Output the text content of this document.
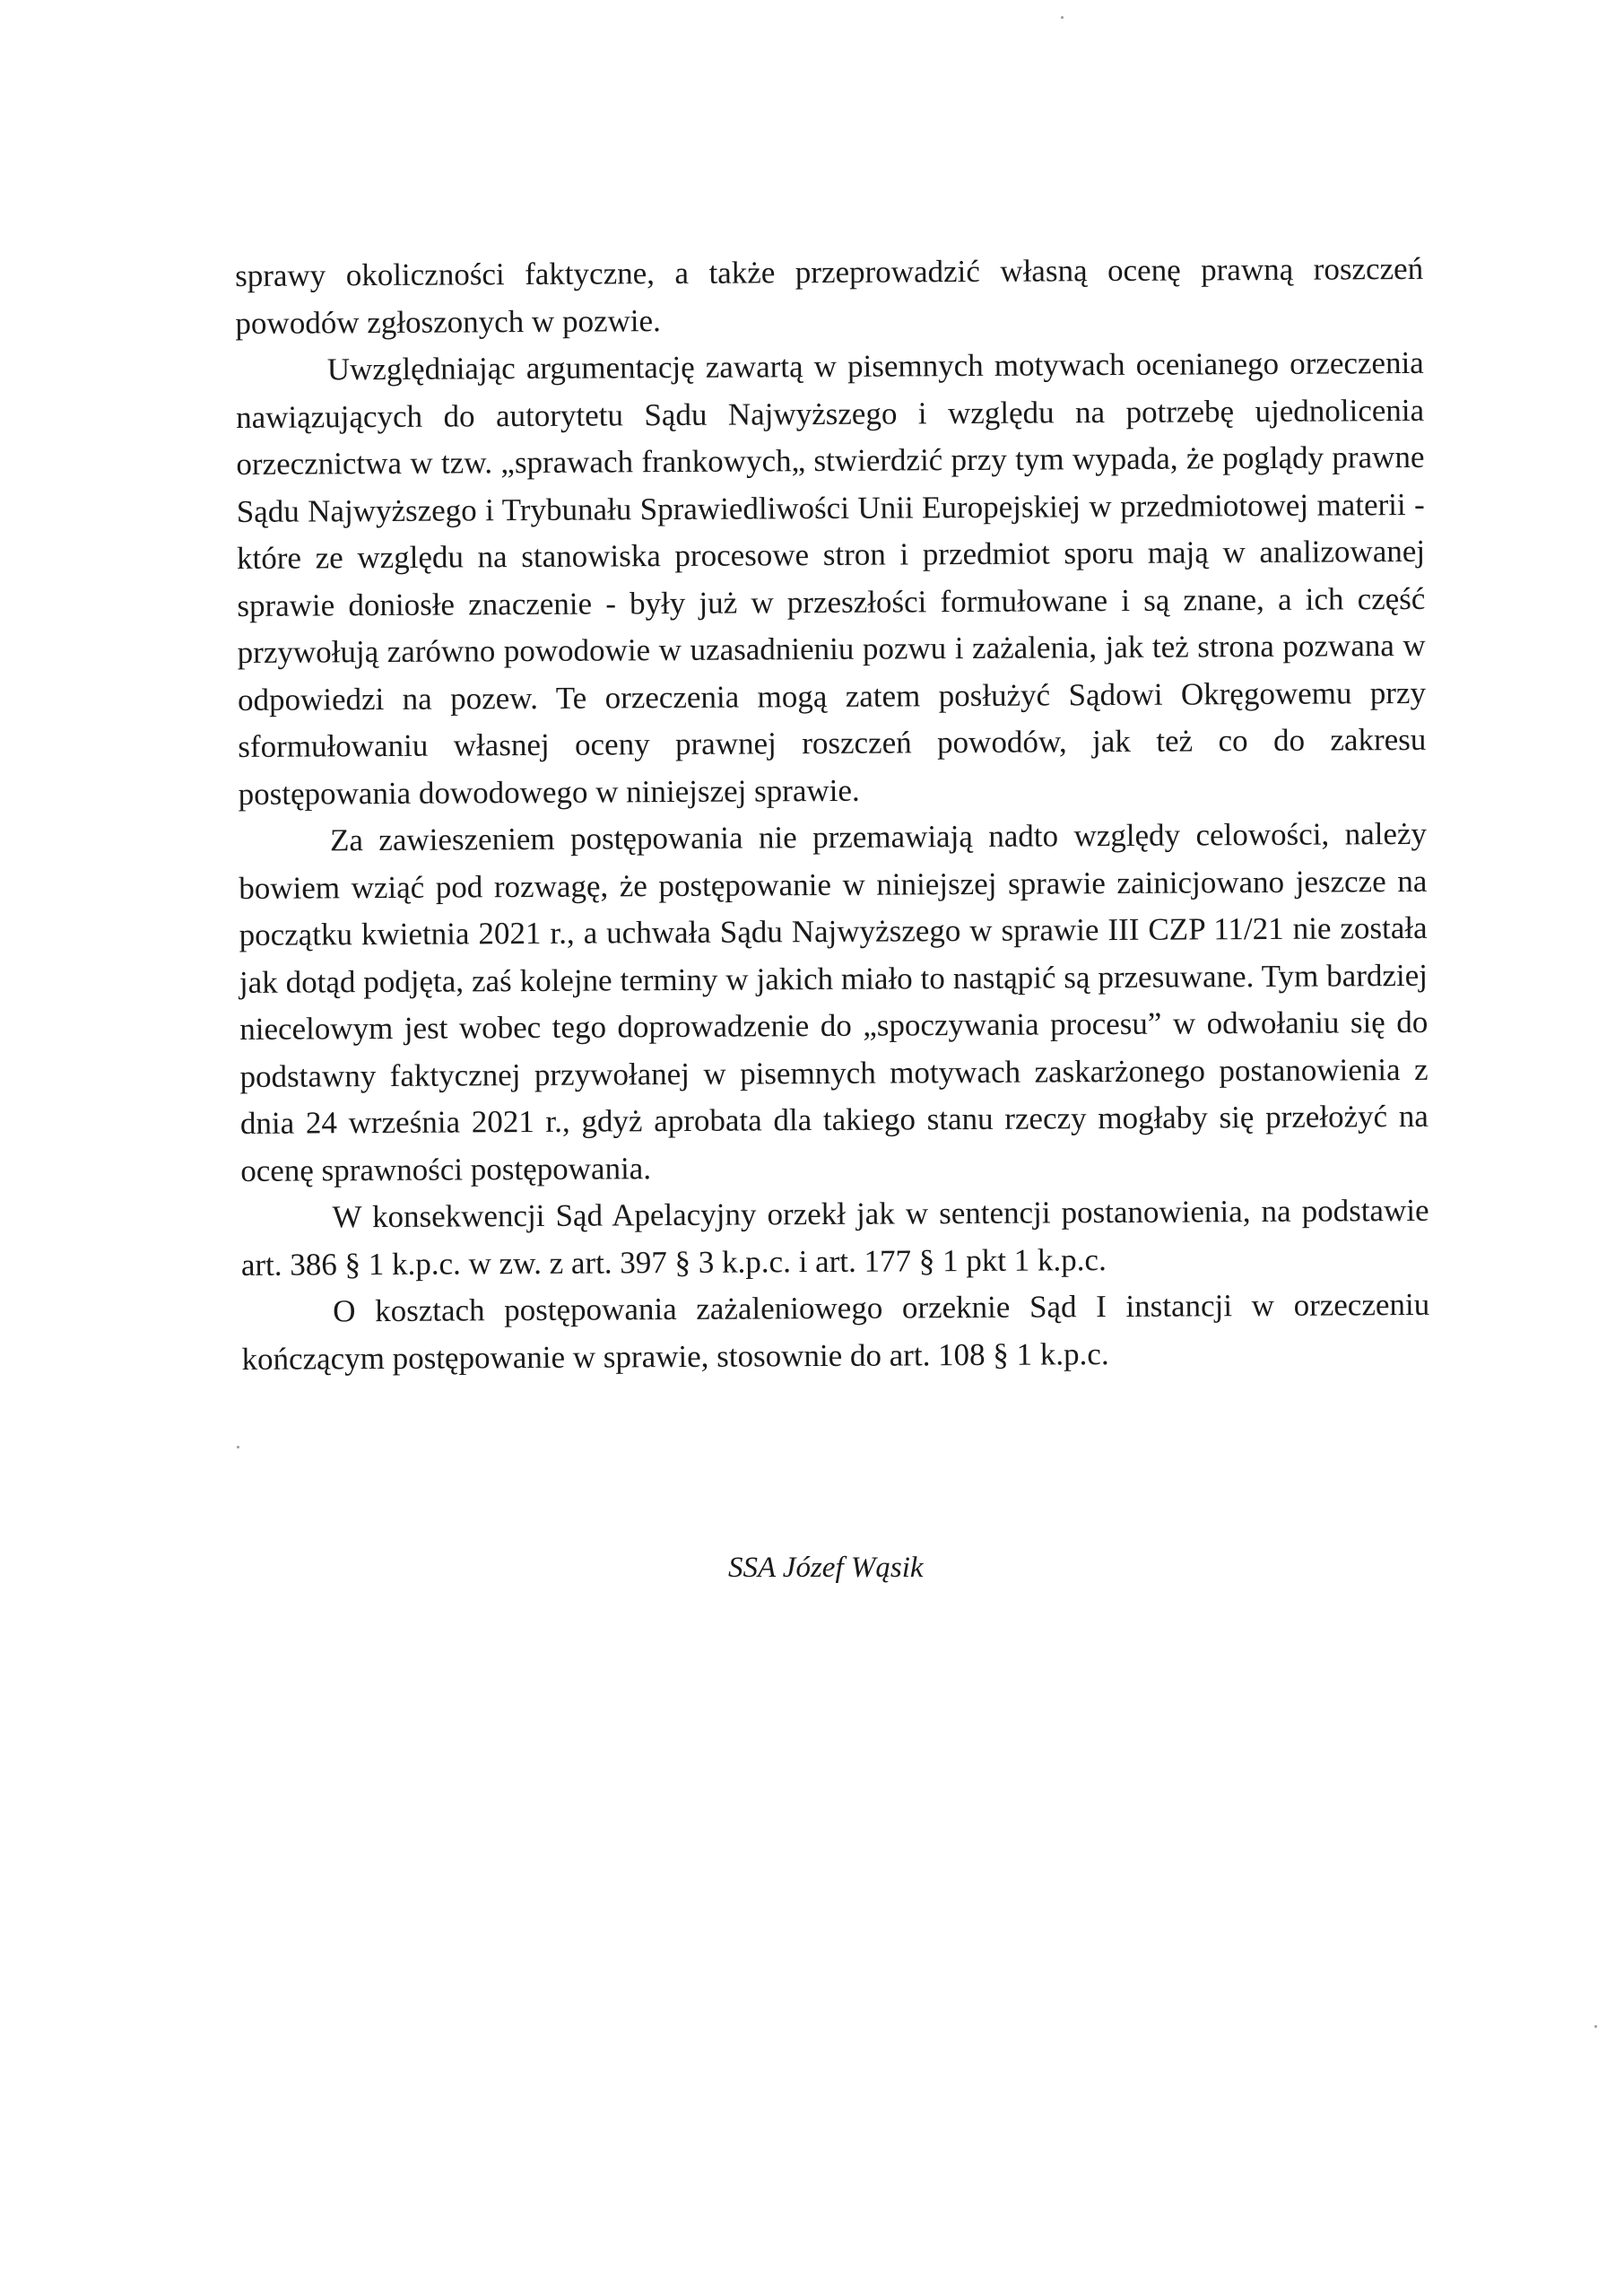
sprawy okoliczności faktyczne, a także przeprowadzić własną ocenę prawną roszczeń powodów zgłoszonych w pozwie.

Uwzględniając argumentację zawartą w pisemnych motywach ocenianego orzeczenia nawiązujących do autorytetu Sądu Najwyższego i względu na potrzebę ujednolicenia orzecznictwa w tzw. „sprawach frankowych„ stwierdzić przy tym wypada, że poglądy prawne Sądu Najwyższego i Trybunału Sprawiedliwości Unii Europejskiej w przedmiotowej materii - które ze względu na stanowiska procesowe stron i przedmiot sporu mają w analizowanej sprawie doniosłe znaczenie - były już w przeszłości formułowane i są znane, a ich część przywołują zarówno powodowie w uzasadnieniu pozwu i zażalenia, jak też strona pozwana w odpowiedzi na pozew. Te orzeczenia mogą zatem posłużyć Sądowi Okręgowemu przy sformułowaniu własnej oceny prawnej roszczeń powodów, jak też co do zakresu postępowania dowodowego w niniejszej sprawie.

Za zawieszeniem postępowania nie przemawiają nadto względy celowości, należy bowiem wziąć pod rozwagę, że postępowanie w niniejszej sprawie zainicjowano jeszcze na początku kwietnia 2021 r., a uchwała Sądu Najwyższego w sprawie III CZP 11/21 nie została jak dotąd podjęta, zaś kolejne terminy w jakich miało to nastąpić są przesuwane. Tym bardziej niecelowym jest wobec tego doprowadzenie do „spoczywania procesu” w odwołaniu się do podstawny faktycznej przywołanej w pisemnych motywach zaskarżonego postanowienia z dnia 24 września 2021 r., gdyż aprobata dla takiego stanu rzeczy mogłaby się przełożyć na ocenę sprawności postępowania.

W konsekwencji Sąd Apelacyjny orzekł jak w sentencji postanowienia, na podstawie art. 386 § 1 k.p.c. w zw. z art. 397 § 3 k.p.c. i art. 177 § 1 pkt 1 k.p.c.

O kosztach postępowania zażaleniowego orzeknie Sąd I instancji w orzeczeniu kończącym postępowanie w sprawie, stosownie do art. 108 § 1 k.p.c.

SSA Józef Wąsik
